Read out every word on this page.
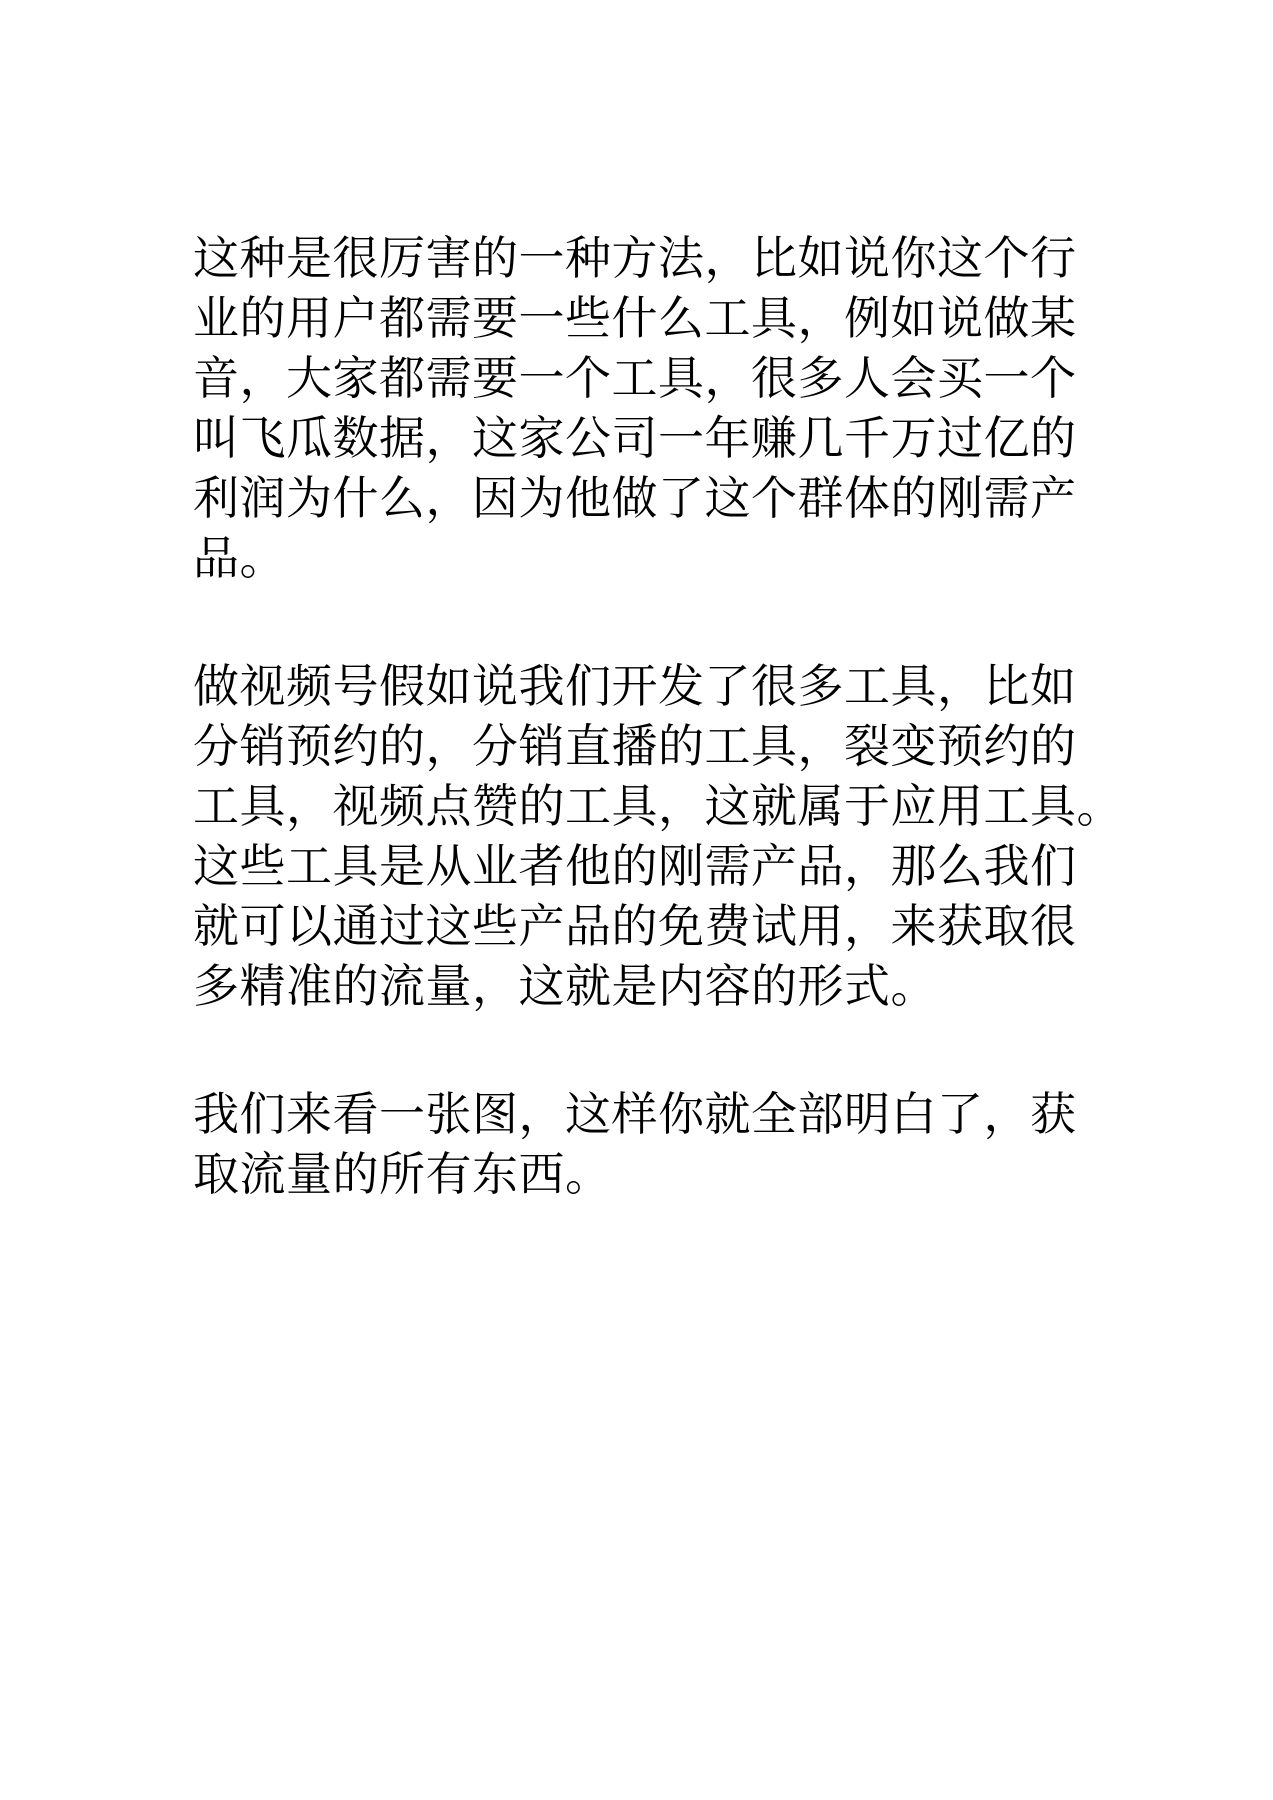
这种是很厉害的一种方法，比如说你这个行
业的用户都需要一些什么工具，例如说做某
音，大家都需要一个工具，很多人会买一个
叫飞瓜数据，这家公司一年赚几千万过亿的
利润为什么，因为他做了这个群体的刚需产
品。

做视频号假如说我们开发了很多工具，比如
分销预约的，分销直播的工具，裂变预约的
工具，视频点赞的工具，这就属于应用工具。
这些工具是从业者他的刚需产品，那么我们
就可以通过这些产品的免费试用，来获取很
多精准的流量，这就是内容的形式。

我们来看一张图，这样你就全部明白了，获
取流量的所有东西。
